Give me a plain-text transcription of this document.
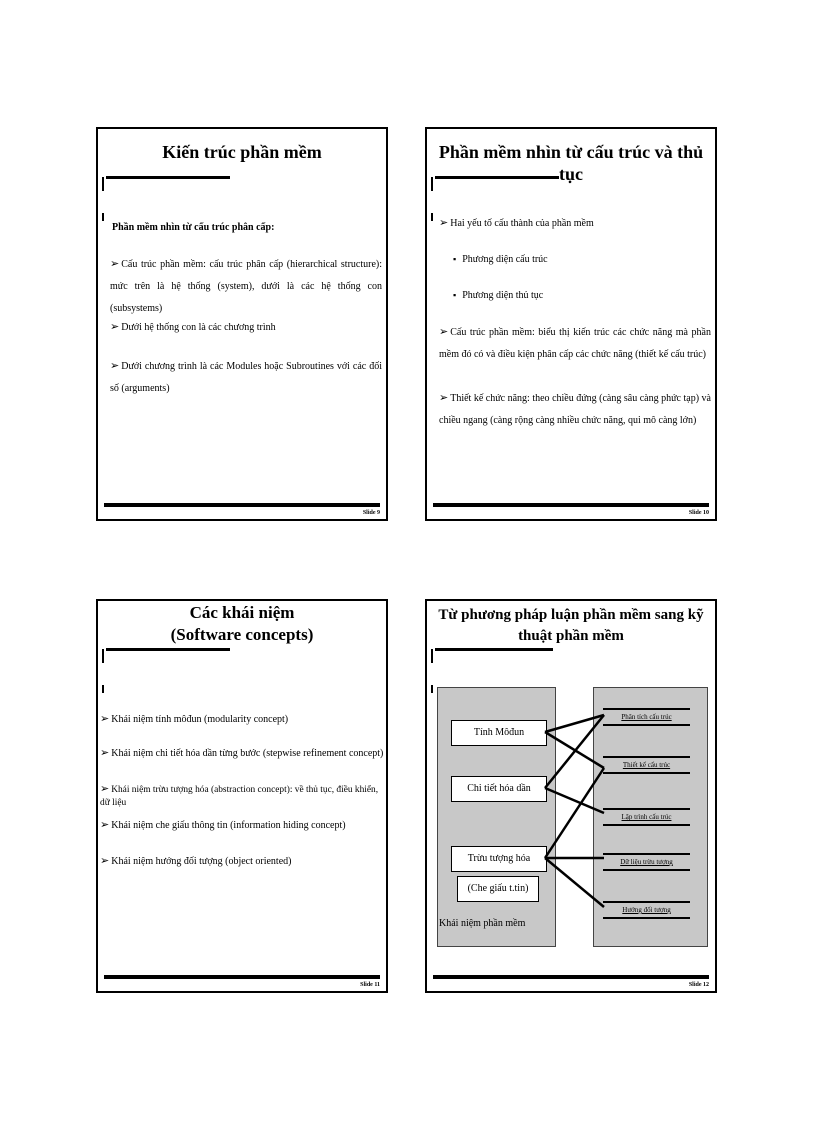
Kiến trúc phần mềm
Phần mềm nhìn từ cấu trúc phân cấp:
➢ Cấu trúc phần mềm: cấu trúc phân cấp (hierarchical structure): mức trên là hệ thống (system), dưới là các hệ thống con (subsystems)
➢ Dưới hệ thống con là các chương trình
➢ Dưới chương trình là các Modules hoặc Subroutines với các đối số (arguments)
Slide 9
Phần mềm nhìn từ cấu trúc và thủ tục
➢ Hai yếu tố cấu thành của phần mềm
▪ Phương diện cấu trúc
▪ Phương diện thủ tục
➢ Cấu trúc phần mềm: biểu thị kiến trúc các chức năng mà phần mềm đó có và điều kiện phân cấp các chức năng (thiết kế cấu trúc)
➢ Thiết kế chức năng: theo chiều đứng (càng sâu càng phức tạp) và chiều ngang (càng rộng càng nhiều chức năng, qui mô càng lớn)
Slide 10
Các khái niệm
(Software concepts)
➢ Khái niệm tính môđun (modularity concept)
➢ Khái niệm chi tiết hóa dần từng bước (stepwise refinement concept)
➢ Khái niệm trừu tượng hóa (abstraction concept): về thủ tục, điều khiển, dữ liệu
➢ Khái niệm che giấu thông tin (information hiding concept)
➢ Khái niệm hướng đối tượng (object oriented)
Slide 11
Từ phương pháp luận phần mềm sang kỹ thuật phần mềm
Tính Môđun
Chi tiết hóa dần
Trừu tượng hóa
(Che giấu t.tin)
Khái niệm phần mềm
Phân tích cấu trúc
Thiết kế cấu trúc
Lập trình cấu trúc
Dữ liệu trừu tượng
Hướng đối tượng
Slide 12
